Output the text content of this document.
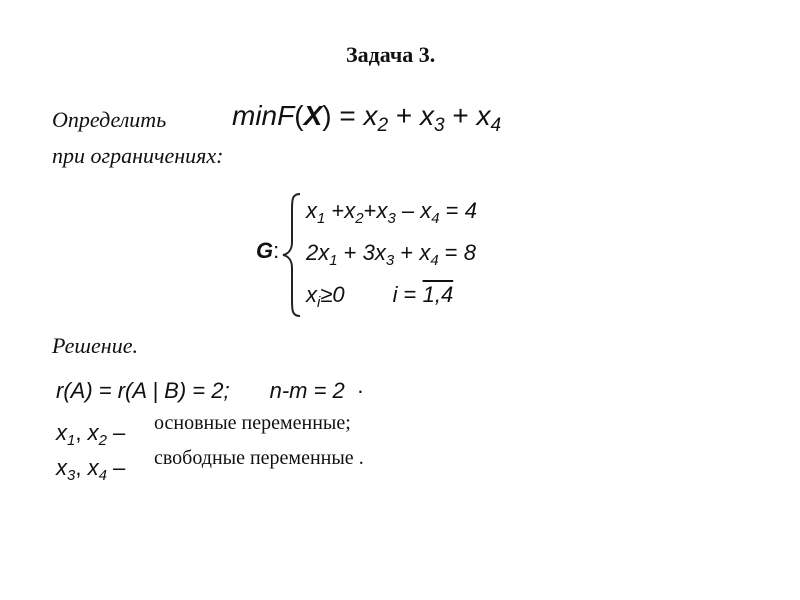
Задача 3.
Определить $\min F(X) = x_2 + x_3 + x_4$
при ограничениях:
G:
$x_1 +x_2+x_3 - x_4 = 4$
$2x_1 + 3x_3 + x_4 = 8$
$x_i\ge 0$ i = 1,4
Решение.
r(A) = r(A | B) = 2; n-m = 2 ·
$x_1$, $x_2$ – основные переменные;
$x_3$, $x_4$ – свободные переменные .
